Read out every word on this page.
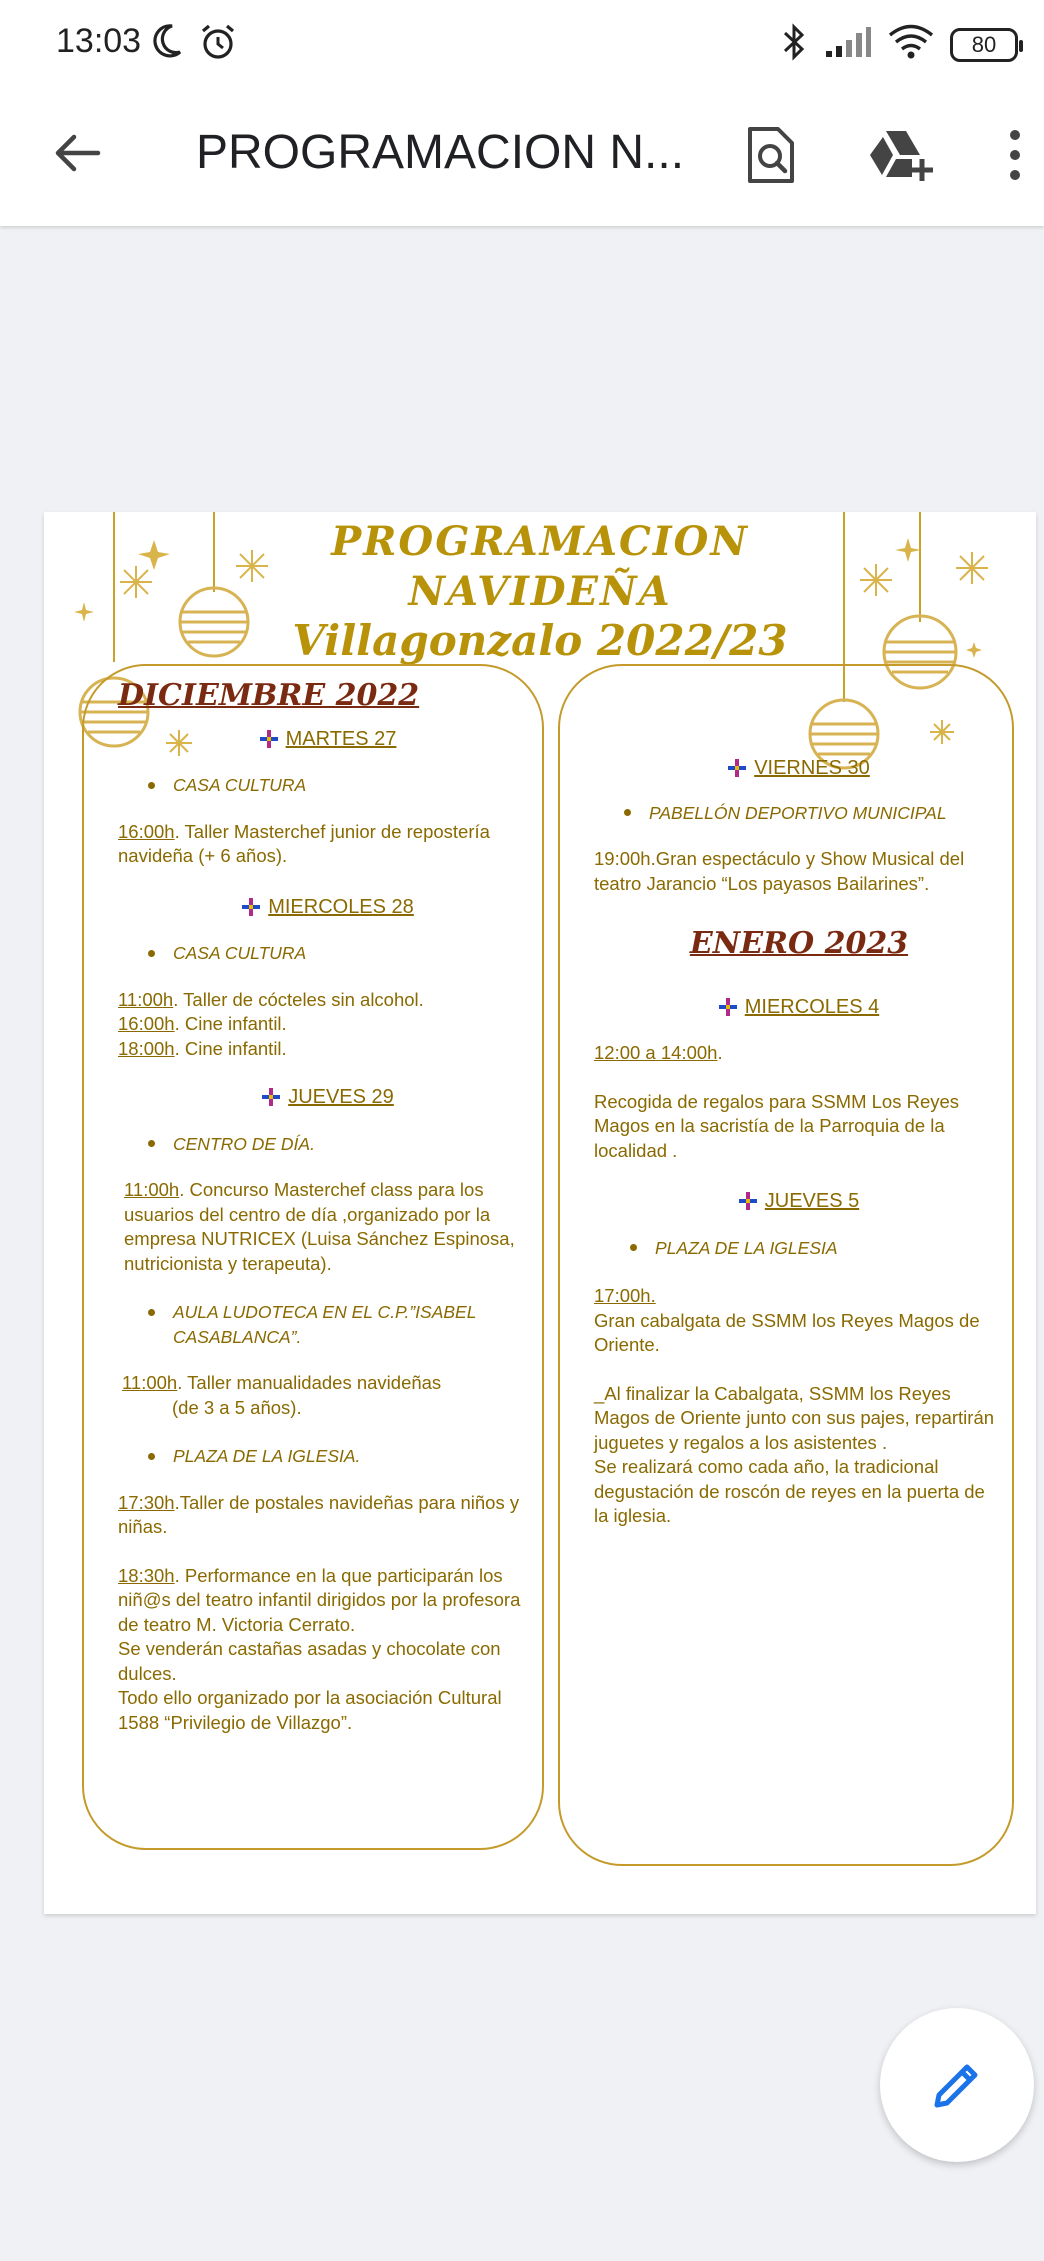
13:03	80
PROGRAMACION N...
PROGRAMACION
NAVIDEÑA
Villagonzalo 2022/23
DICIEMBRE 2022
MARTES 27
CASA CULTURA

16:00h. Taller Masterchef junior de repostería navideña (+ 6 años).

MIERCOLES 28
CASA CULTURA

11:00h. Taller de cócteles sin alcohol.

16:00h. Cine infantil.

18:00h. Cine infantil.

JUEVES 29
CENTRO DE DÍA.

11:00h. Concurso Masterchef class para los usuarios del centro de día ,organizado por la empresa NUTRICEX (Luisa Sánchez Espinosa, nutricionista y terapeuta).

AULA LUDOTECA EN EL C.P.”ISABEL CASABLANCA”.

11:00h. Taller manualidades navideñas

(de 3 a 5 años).

PLAZA DE LA IGLESIA.

17:30h.Taller de postales navideñas para niños y niñas.

18:30h. Performance en la que participarán los niñ@s del teatro infantil dirigidos por la profesora de teatro M. Victoria Cerrato.
Se venderán castañas asadas y chocolate con dulces.
Todo ello organizado por la asociación Cultural 1588 “Privilegio de Villazgo”.

VIERNES 30
PABELLÓN DEPORTIVO MUNICIPAL

19:00h.Gran espectáculo y Show Musical del teatro Jarancio “Los payasos Bailarines”.

ENERO 2023
MIERCOLES 4

12:00 a 14:00h.

Recogida de regalos para SSMM Los Reyes Magos en la sacristía de la Parroquia de la localidad .

JUEVES 5
PLAZA DE LA IGLESIA

17:00h.

Gran cabalgata de SSMM los Reyes Magos de Oriente.

_Al finalizar la Cabalgata, SSMM los Reyes Magos de Oriente junto con sus pajes, repartirán juguetes y regalos a los asistentes .
Se realizará como cada año, la tradicional degustación de roscón de reyes en la puerta de la iglesia.
